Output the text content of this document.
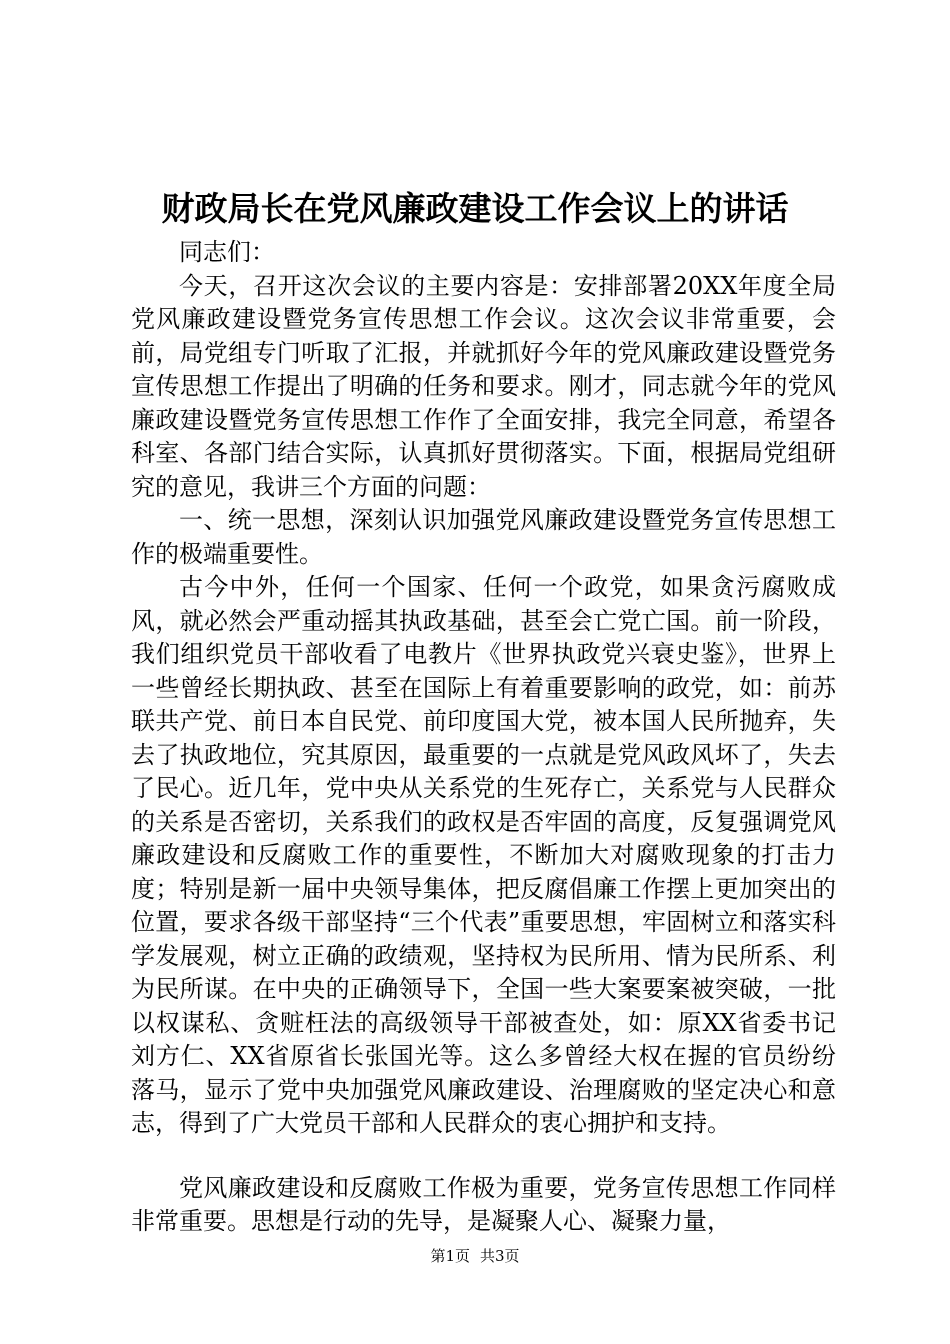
财政局长在党风廉政建设工作会议上的讲话

同志们：

今天，召开这次会议的主要内容是：安排部署20XX年度全局党风廉政建设暨党务宣传思想工作会议。这次会议非常重要，会前，局党组专门听取了汇报，并就抓好今年的党风廉政建设暨党务宣传思想工作提出了明确的任务和要求。刚才，同志就今年的党风廉政建设暨党务宣传思想工作作了全面安排，我完全同意，希望各科室、各部门结合实际，认真抓好贯彻落实。下面，根据局党组研究的意见，我讲三个方面的问题：

一、统一思想，深刻认识加强党风廉政建设暨党务宣传思想工作的极端重要性。

古今中外，任何一个国家、任何一个政党，如果贪污腐败成风，就必然会严重动摇其执政基础，甚至会亡党亡国。前一阶段，我们组织党员干部收看了电教片《世界执政党兴衰史鉴》，世界上一些曾经长期执政、甚至在国际上有着重要影响的政党，如：前苏联共产党、前日本自民党、前印度国大党，被本国人民所抛弃，失去了执政地位，究其原因，最重要的一点就是党风政风坏了，失去了民心。近几年，党中央从关系党的生死存亡，关系党与人民群众的关系是否密切，关系我们的政权是否牢固的高度，反复强调党风廉政建设和反腐败工作的重要性，不断加大对腐败现象的打击力度；特别是新一届中央领导集体，把反腐倡廉工作摆上更加突出的位置，要求各级干部坚持“三个代表”重要思想，牢固树立和落实科学发展观，树立正确的政绩观，坚持权为民所用、情为民所系、利为民所谋。在中央的正确领导下，全国一些大案要案被突破，一批以权谋私、贪赃枉法的高级领导干部被查处，如：原XX省委书记刘方仁、XX省原省长张国光等。这么多曾经大权在握的官员纷纷落马，显示了党中央加强党风廉政建设、治理腐败的坚定决心和意志，得到了广大党员干部和人民群众的衷心拥护和支持。

党风廉政建设和反腐败工作极为重要，党务宣传思想工作同样非常重要。思想是行动的先导，是凝聚人心、凝聚力量，

第1页 共3页
